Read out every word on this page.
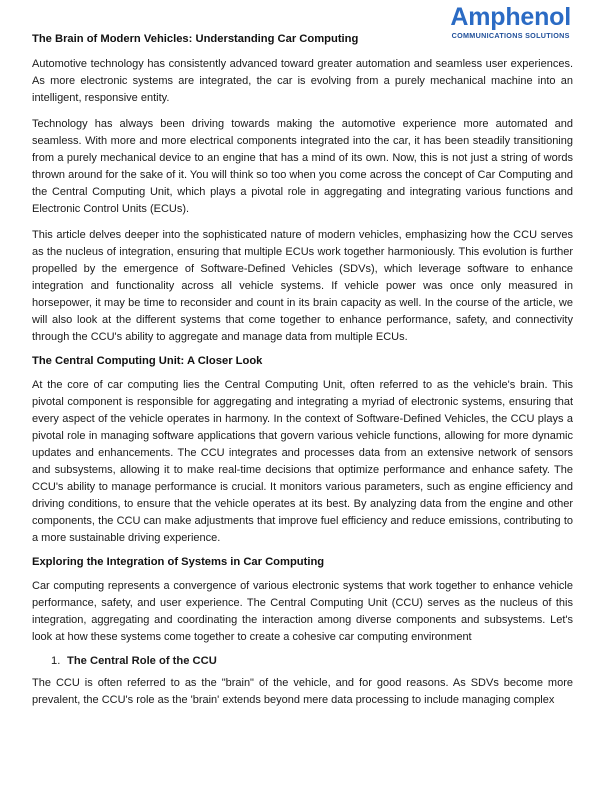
Amphenol
COMMUNICATIONS SOLUTIONS
The Brain of Modern Vehicles: Understanding Car Computing

Automotive technology has consistently advanced toward greater automation and seamless user experiences. As more electronic systems are integrated, the car is evolving from a purely mechanical machine into an intelligent, responsive entity.

Technology has always been driving towards making the automotive experience more automated and seamless. With more and more electrical components integrated into the car, it has been steadily transitioning from a purely mechanical device to an engine that has a mind of its own. Now, this is not just a string of words thrown around for the sake of it. You will think so too when you come across the concept of Car Computing and the Central Computing Unit, which plays a pivotal role in aggregating and integrating various functions and Electronic Control Units (ECUs).

This article delves deeper into the sophisticated nature of modern vehicles, emphasizing how the CCU serves as the nucleus of integration, ensuring that multiple ECUs work together harmoniously. This evolution is further propelled by the emergence of Software-Defined Vehicles (SDVs), which leverage software to enhance integration and functionality across all vehicle systems. If vehicle power was once only measured in horsepower, it may be time to reconsider and count in its brain capacity as well. In the course of the article, we will also look at the different systems that come together to enhance performance, safety, and connectivity through the CCU's ability to aggregate and manage data from multiple ECUs.

The Central Computing Unit: A Closer Look

At the core of car computing lies the Central Computing Unit, often referred to as the vehicle's brain. This pivotal component is responsible for aggregating and integrating a myriad of electronic systems, ensuring that every aspect of the vehicle operates in harmony. In the context of Software-Defined Vehicles, the CCU plays a pivotal role in managing software applications that govern various vehicle functions, allowing for more dynamic updates and enhancements. The CCU integrates and processes data from an extensive network of sensors and subsystems, allowing it to make real-time decisions that optimize performance and enhance safety. The CCU's ability to manage performance is crucial. It monitors various parameters, such as engine efficiency and driving conditions, to ensure that the vehicle operates at its best. By analyzing data from the engine and other components, the CCU can make adjustments that improve fuel efficiency and reduce emissions, contributing to a more sustainable driving experience.

Exploring the Integration of Systems in Car Computing

Car computing represents a convergence of various electronic systems that work together to enhance vehicle performance, safety, and user experience. The Central Computing Unit (CCU) serves as the nucleus of this integration, aggregating and coordinating the interaction among diverse components and subsystems. Let's look at how these systems come together to create a cohesive car computing environment

1. The Central Role of the CCU

The CCU is often referred to as the "brain" of the vehicle, and for good reasons. As SDVs become more prevalent, the CCU's role as the 'brain' extends beyond mere data processing to include managing complex
